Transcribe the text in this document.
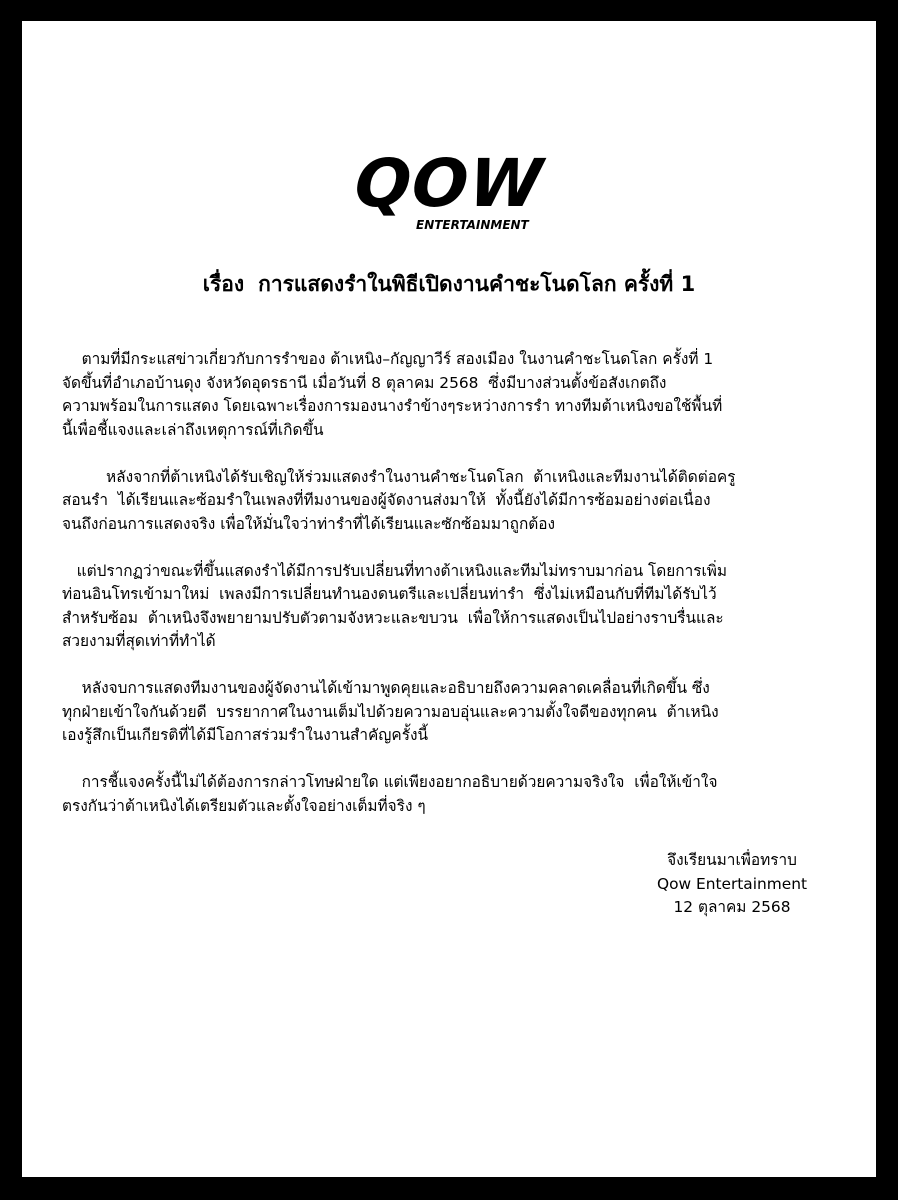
QOW
ENTERTAINMENT
เรื่อง การแสดงรำในพิธีเปิดงานคำชะโนดโลก ครั้งที่ 1

ตามที่มีกระแสข่าวเกี่ยวกับการรำของ ต้าเหนิง–กัญญาวีร์ สองเมือง ในงานคำชะโนดโลก ครั้งที่ 1
จัดขึ้นที่อำเภอบ้านดุง จังหวัดอุดรธานี เมื่อวันที่ 8 ตุลาคม 2568  ซึ่งมีบางส่วนตั้งข้อสังเกตถึง
ความพร้อมในการแสดง โดยเฉพาะเรื่องการมองนางรำข้างๆระหว่างการรำ ทางทีมต้าเหนิงขอใช้พื้นที่
นี้เพื่อชี้แจงและเล่าถึงเหตุการณ์ที่เกิดขึ้น

หลังจากที่ต้าเหนิงได้รับเชิญให้ร่วมแสดงรำในงานคำชะโนดโลก  ต้าเหนิงและทีมงานได้ติดต่อครู
สอนรำ  ได้เรียนและซ้อมรำในเพลงที่ทีมงานของผู้จัดงานส่งมาให้  ทั้งนี้ยังได้มีการซ้อมอย่างต่อเนื่อง
จนถึงก่อนการแสดงจริง เพื่อให้มั่นใจว่าท่ารำที่ได้เรียนและซักซ้อมมาถูกต้อง

แต่ปรากฏว่าขณะที่ขึ้นแสดงรำได้มีการปรับเปลี่ยนที่ทางต้าเหนิงและทีมไม่ทราบมาก่อน โดยการเพิ่ม
ท่อนอินโทรเข้ามาใหม่  เพลงมีการเปลี่ยนทำนองดนตรีและเปลี่ยนท่ารำ  ซึ่งไม่เหมือนกับที่ทีมได้รับไว้
สำหรับซ้อม  ต้าเหนิงจึงพยายามปรับตัวตามจังหวะและขบวน  เพื่อให้การแสดงเป็นไปอย่างราบรื่นและ
สวยงามที่สุดเท่าที่ทำได้

หลังจบการแสดงทีมงานของผู้จัดงานได้เข้ามาพูดคุยและอธิบายถึงความคลาดเคลื่อนที่เกิดขึ้น ซึ่ง
ทุกฝ่ายเข้าใจกันด้วยดี  บรรยากาศในงานเต็มไปด้วยความอบอุ่นและความตั้งใจดีของทุกคน  ต้าเหนิง
เองรู้สึกเป็นเกียรติที่ได้มีโอกาสร่วมรำในงานสำคัญครั้งนี้

การชี้แจงครั้งนี้ไม่ได้ต้องการกล่าวโทษฝ่ายใด แต่เพียงอยากอธิบายด้วยความจริงใจ  เพื่อให้เข้าใจ
ตรงกันว่าต้าเหนิงได้เตรียมตัวและตั้งใจอย่างเต็มที่จริง ๆ

จึงเรียนมาเพื่อทราบ
Qow Entertainment
12 ตุลาคม 2568
